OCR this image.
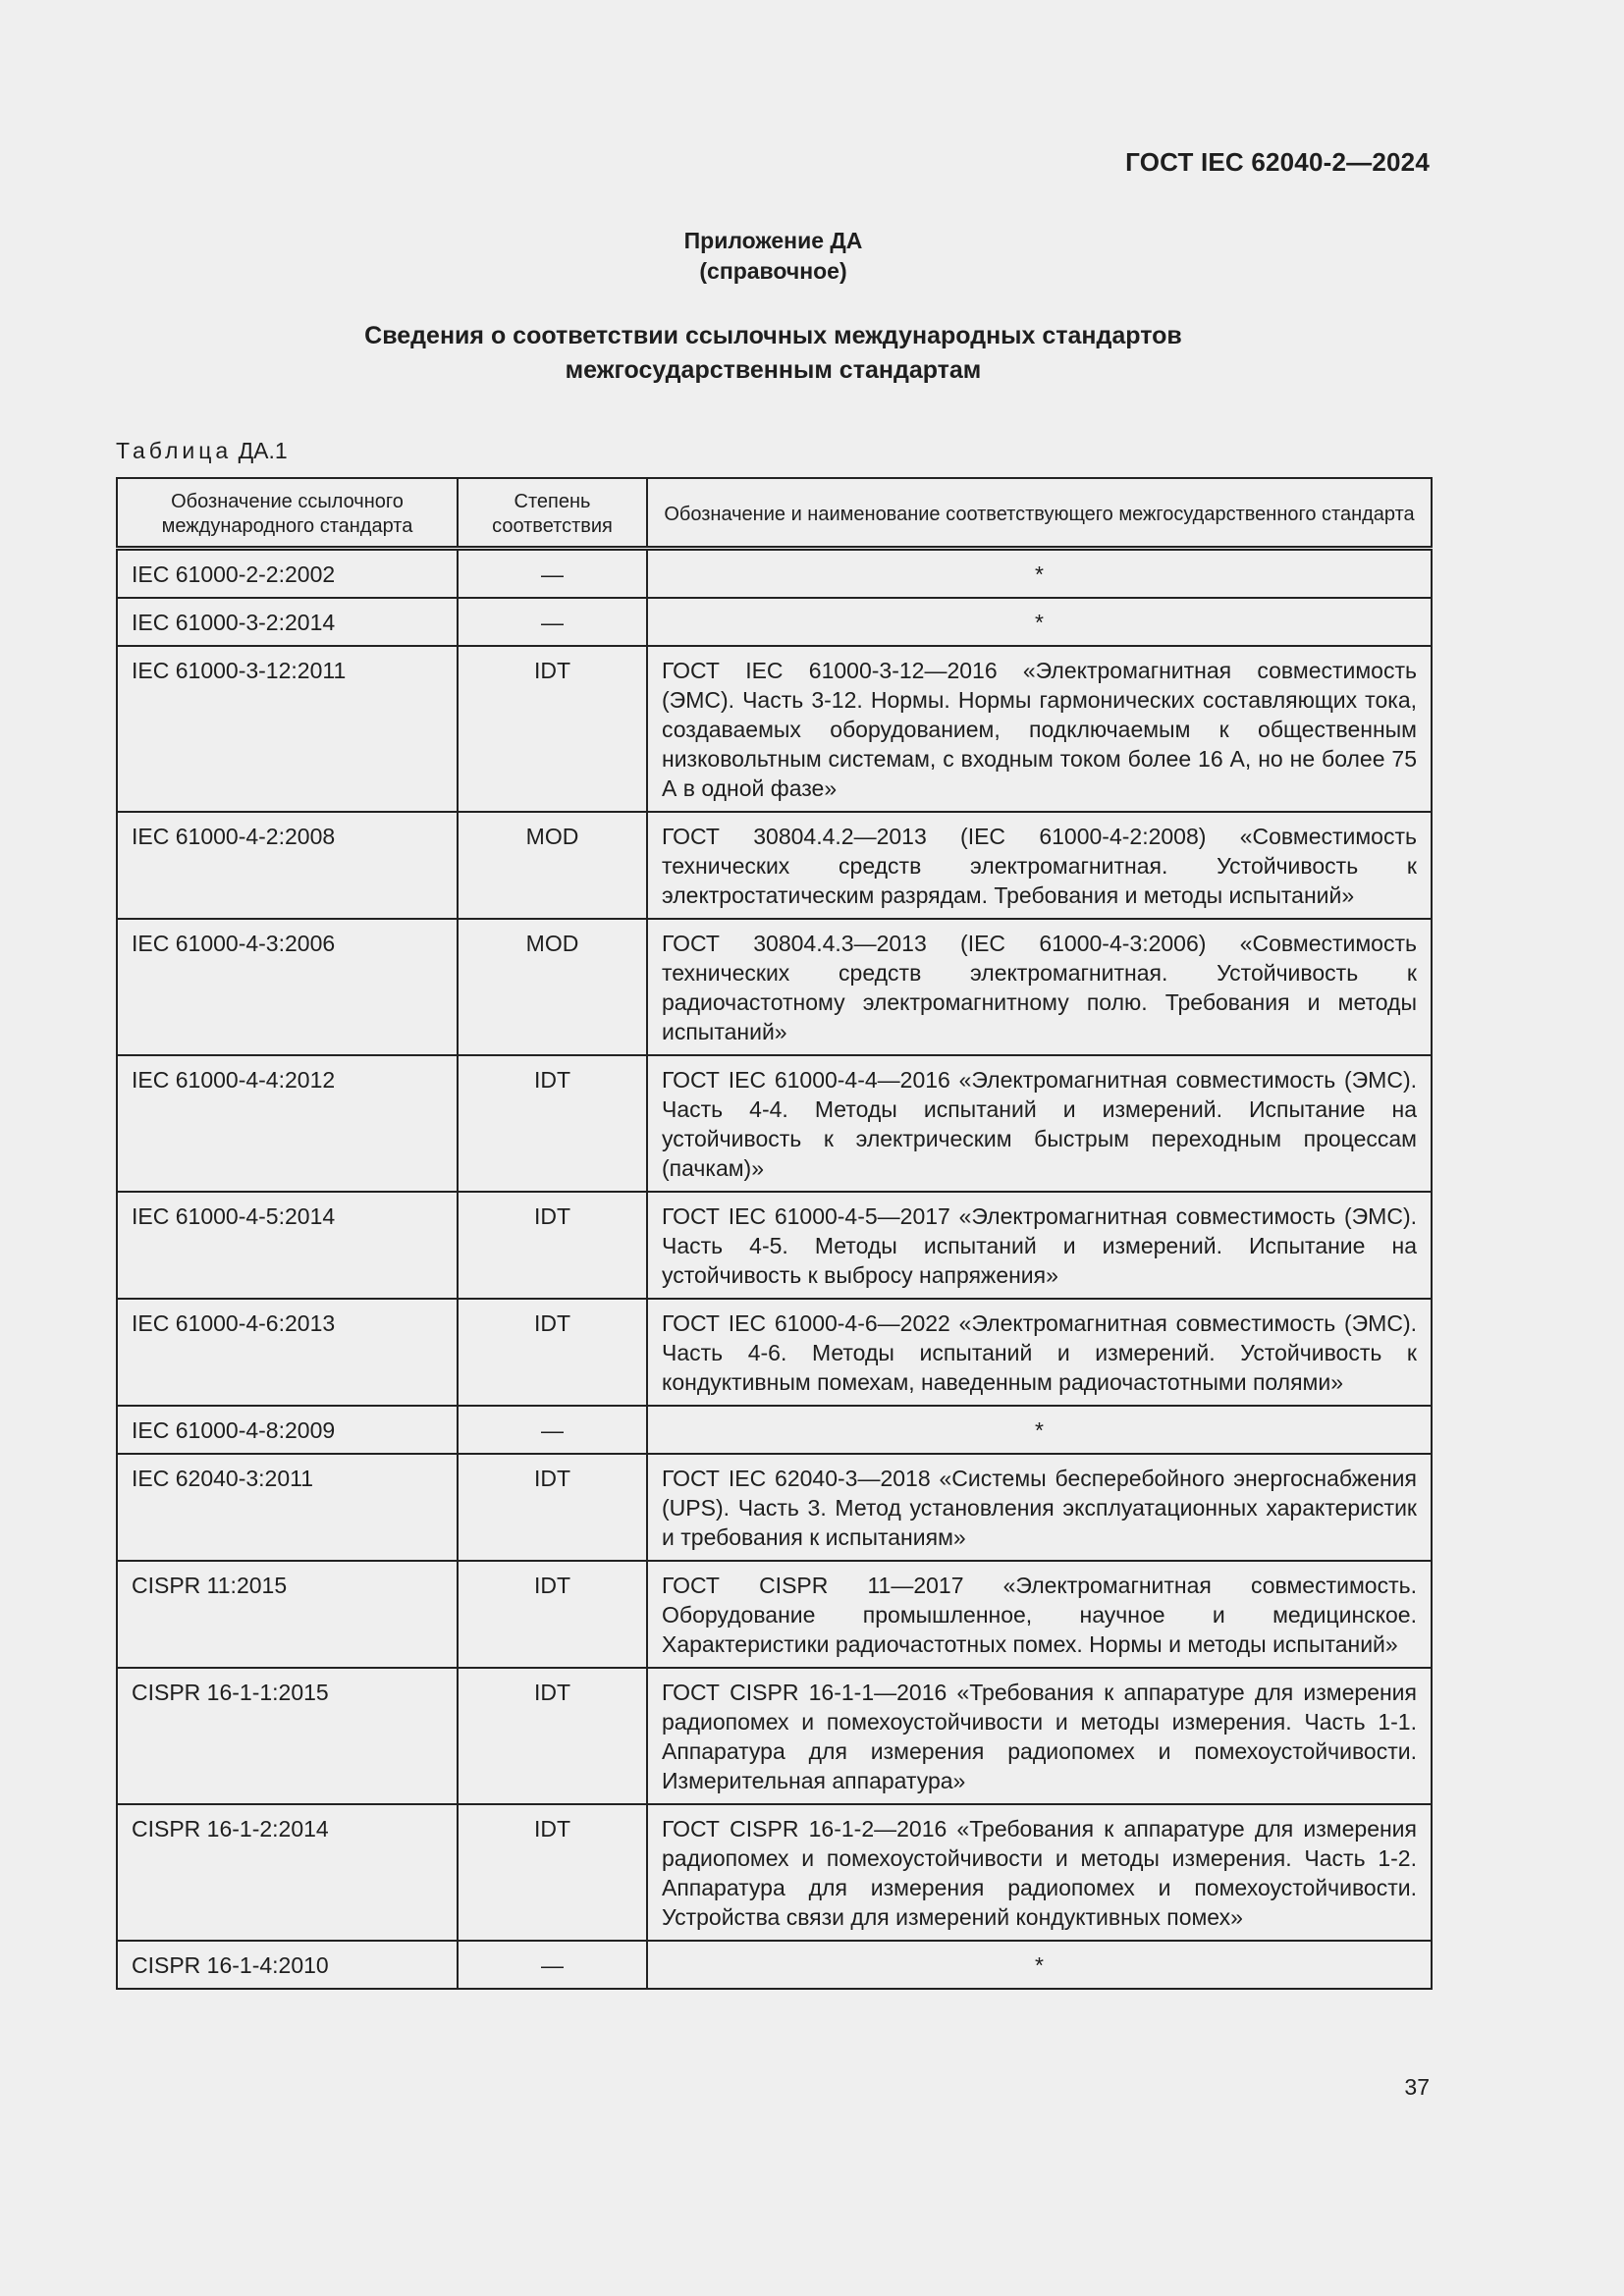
ГОСТ IEC 62040-2—2024
Приложение ДА
(справочное)
Сведения о соответствии ссылочных международных стандартов
межгосударственным стандартам
Таблица ДА.1
Обозначение ссылочного международного стандарта	Степень соответствия	Обозначение и наименование соответствующего межгосударственного стандарта
IEC 61000-2-2:2002	—	*
IEC 61000-3-2:2014	—	*
IEC 61000-3-12:2011	IDT	ГОСТ IEC 61000-3-12—2016 «Электромагнитная совместимость (ЭМС). Часть 3-12. Нормы. Нормы гармонических составляющих тока, создаваемых оборудованием, подключаемым к общественным низковольтным системам, с входным током более 16 А, но не более 75 А в одной фазе»
IEC 61000-4-2:2008	MOD	ГОСТ 30804.4.2—2013 (IEC 61000-4-2:2008) «Совместимость технических средств электромагнитная. Устойчивость к электростатическим разрядам. Требования и методы испытаний»
IEC 61000-4-3:2006	MOD	ГОСТ 30804.4.3—2013 (IEC 61000-4-3:2006) «Совместимость технических средств электромагнитная. Устойчивость к радиочастотному электромагнитному полю. Требования и методы испытаний»
IEC 61000-4-4:2012	IDT	ГОСТ IEC 61000-4-4—2016 «Электромагнитная совместимость (ЭМС). Часть 4-4. Методы испытаний и измерений. Испытание на устойчивость к электрическим быстрым переходным процессам (пачкам)»
IEC 61000-4-5:2014	IDT	ГОСТ IEC 61000-4-5—2017 «Электромагнитная совместимость (ЭМС). Часть 4-5. Методы испытаний и измерений. Испытание на устойчивость к выбросу напряжения»
IEC 61000-4-6:2013	IDT	ГОСТ IEC 61000-4-6—2022 «Электромагнитная совместимость (ЭМС). Часть 4-6. Методы испытаний и измерений. Устойчивость к кондуктивным помехам, наведенным радиочастотными полями»
IEC 61000-4-8:2009	—	*
IEC 62040-3:2011	IDT	ГОСТ IEC 62040-3—2018 «Системы бесперебойного энергоснабжения (UPS). Часть 3. Метод установления эксплуатационных характеристик и требования к испытаниям»
CISPR 11:2015	IDT	ГОСТ CISPR 11—2017 «Электромагнитная совместимость. Оборудование промышленное, научное и медицинское. Характеристики радиочастотных помех. Нормы и методы испытаний»
CISPR 16-1-1:2015	IDT	ГОСТ CISPR 16-1-1—2016 «Требования к аппаратуре для измерения радиопомех и помехоустойчивости и методы измерения. Часть 1-1. Аппаратура для измерения радиопомех и помехоустойчивости. Измерительная аппаратура»
CISPR 16-1-2:2014	IDT	ГОСТ CISPR 16-1-2—2016 «Требования к аппаратуре для измерения радиопомех и помехоустойчивости и методы измерения. Часть 1-2. Аппаратура для измерения радиопомех и помехоустойчивости. Устройства связи для измерений кондуктивных помех»
CISPR 16-1-4:2010	—	*
37
